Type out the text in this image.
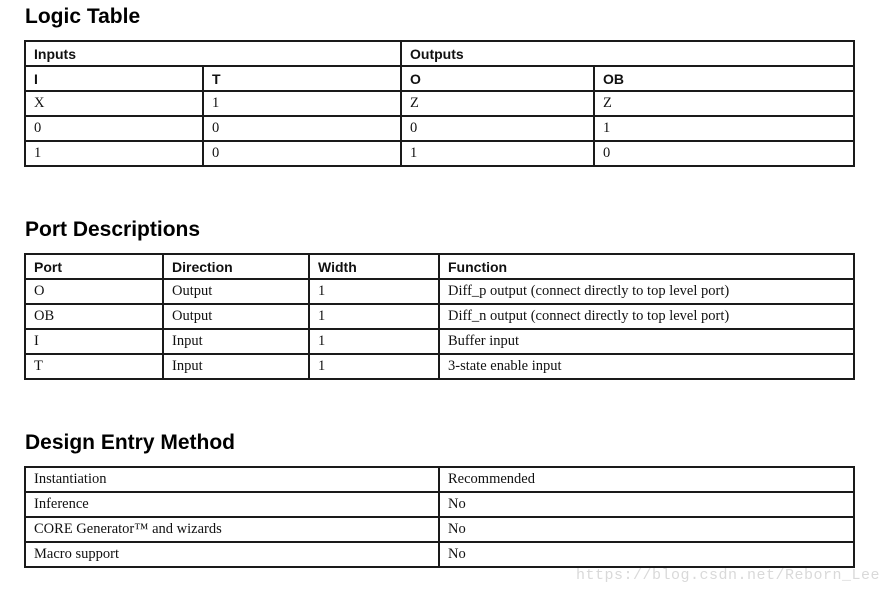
Logic Table
Inputs		Outputs	
I	T	O	OB
X	1	Z	Z
0	0	0	1
1	0	1	0
Port Descriptions
Port	Direction	Width	Function
O	Output	1	Diff_p output (connect directly to top level port)
OB	Output	1	Diff_n output (connect directly to top level port)
I	Input	1	Buffer input
T	Input	1	3-state enable input
Design Entry Method
Instantiation	Recommended
Inference	No
CORE Generator™ and wizards	No
Macro support	No
https://blog.csdn.net/Reborn_Lee
